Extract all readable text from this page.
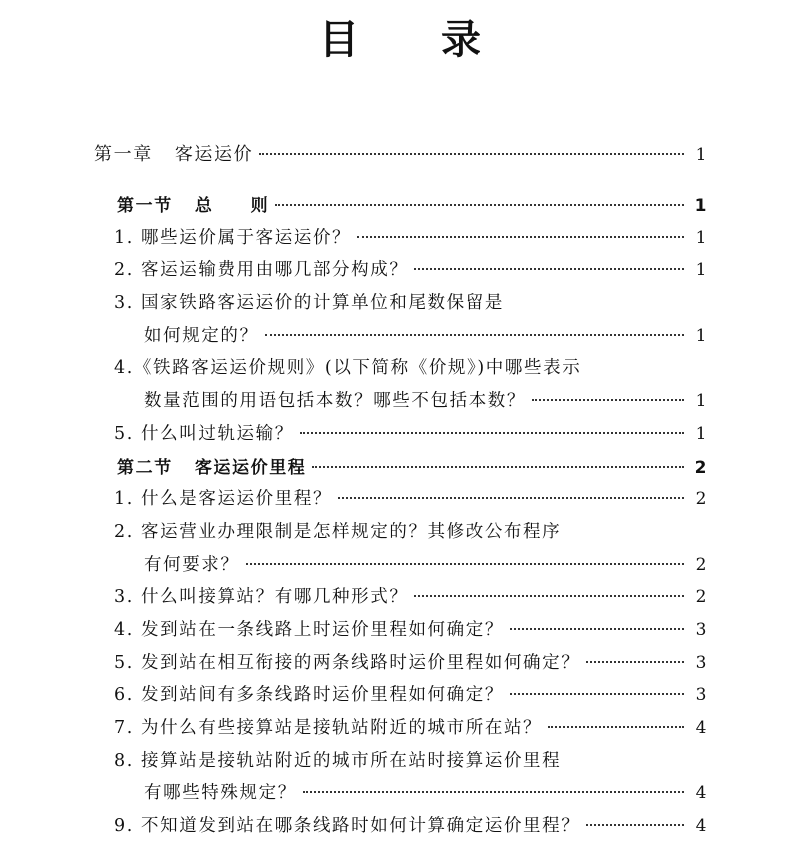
目 录
第一章 客运运价	1
第一节 总　　则	1
1. 哪些运价属于客运运价？	1
2. 客运运输费用由哪几部分构成？	1
3. 国家铁路客运运价的计算单位和尾数保留是
如何规定的？	1
4.《铁路客运运价规则》(以下简称《价规》)中哪些表示
数量范围的用语包括本数？哪些不包括本数？	1
5. 什么叫过轨运输？	1
第二节 客运运价里程	2
1. 什么是客运运价里程？	2
2. 客运营业办理限制是怎样规定的？其修改公布程序
有何要求？	2
3. 什么叫接算站？有哪几种形式？	2
4. 发到站在一条线路上时运价里程如何确定？	3
5. 发到站在相互衔接的两条线路时运价里程如何确定？	3
6. 发到站间有多条线路时运价里程如何确定？	3
7. 为什么有些接算站是接轨站附近的城市所在站？	4
8. 接算站是接轨站附近的城市所在站时接算运价里程
有哪些特殊规定？	4
9. 不知道发到站在哪条线路时如何计算确定运价里程？	4
